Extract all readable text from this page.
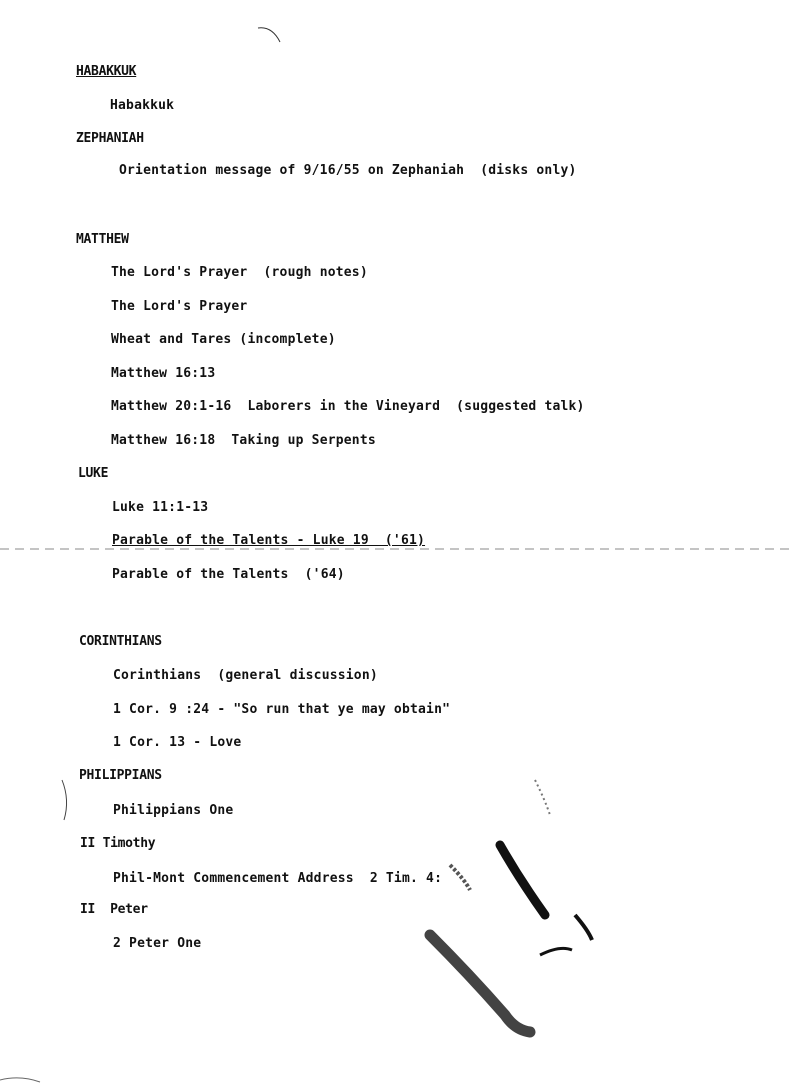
HABAKKUK
Habakkuk
ZEPHANIAH
Orientation message of 9/16/55 on Zephaniah  (disks only)
MATTHEW
The Lord's Prayer  (rough notes)
The Lord's Prayer
Wheat and Tares (incomplete)
Matthew 16:13
Matthew 20:1-16  Laborers in the Vineyard  (suggested talk)
Matthew 16:18  Taking up Serpents
LUKE
Luke 11:1-13
Parable of the Talents - Luke 19  ('61)
Parable of the Talents  ('64)
CORINTHIANS
Corinthians  (general discussion)
1 Cor. 9 :24 - "So run that ye may obtain"
1 Cor. 13 - Love
PHILIPPIANS
Philippians One
II Timothy
Phil-Mont Commencement Address  2 Tim. 4:
II  Peter
2 Peter One
